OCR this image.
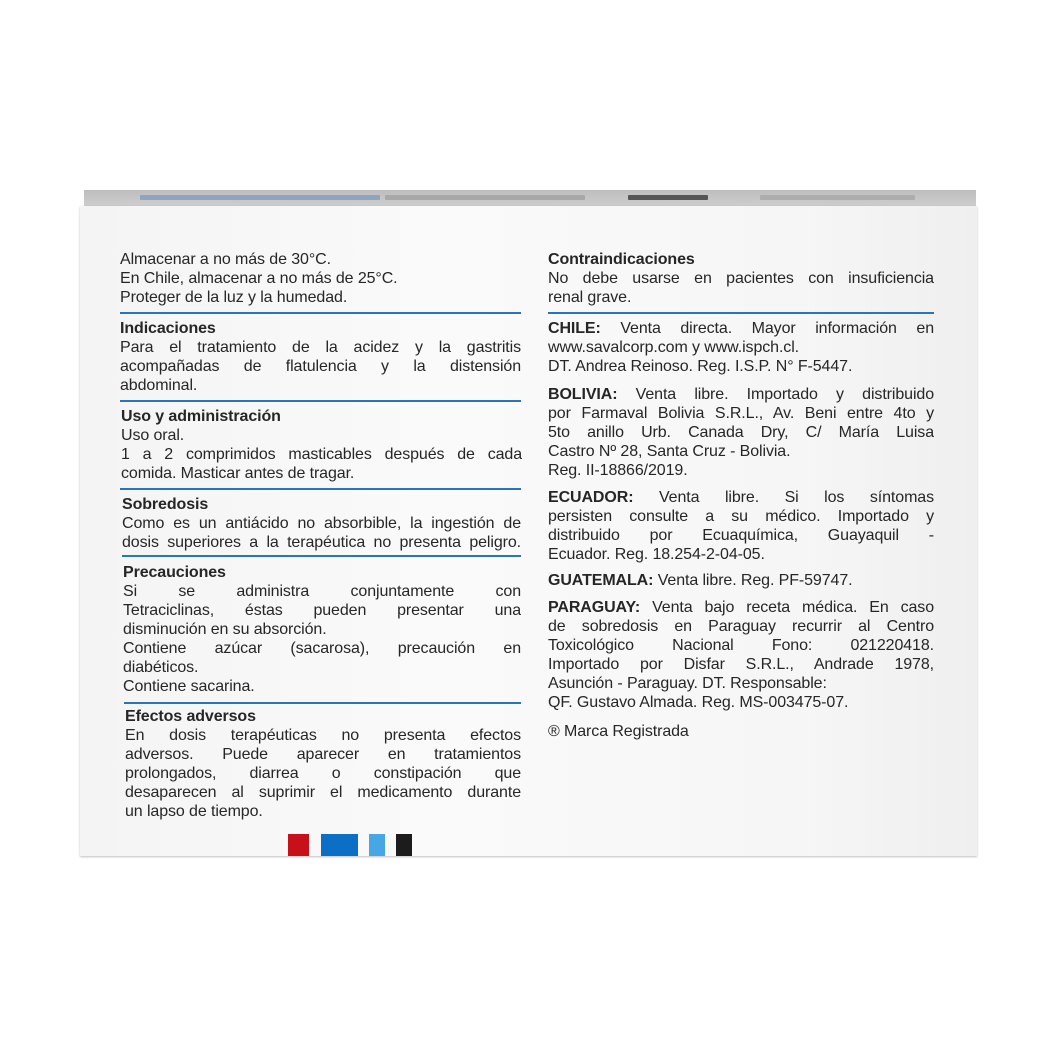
Almacenar a no más de 30°C.
En Chile, almacenar a no más de 25°C.
Proteger de la luz y la humedad.
Indicaciones
Para el tratamiento de la acidez y la gastritis
acompañadas de flatulencia y la distensión
abdominal.
Uso y administración
Uso oral.
1 a 2 comprimidos masticables después de cada
comida. Masticar antes de tragar.
Sobredosis
Como es un antiácido no absorbible, la ingestión de
dosis superiores a la terapéutica no presenta peligro.
Precauciones
Si se administra conjuntamente con
Tetraciclinas, éstas pueden presentar una
disminución en su absorción.
Contiene azúcar (sacarosa), precaución en
diabéticos.
Contiene sacarina.
Efectos adversos
En dosis terapéuticas no presenta efectos
adversos. Puede aparecer en tratamientos
prolongados, diarrea o constipación que
desaparecen al suprimir el medicamento durante
un lapso de tiempo.
Contraindicaciones
No debe usarse en pacientes con insuficiencia
renal grave.
CHILE: Venta directa. Mayor información en
www.savalcorp.com y www.ispch.cl.
DT. Andrea Reinoso. Reg. I.S.P. N° F-5447.
BOLIVIA: Venta libre. Importado y distribuido
por Farmaval Bolivia S.R.L., Av. Beni entre 4to y
5to anillo Urb. Canada Dry, C/ María Luisa
Castro Nº 28, Santa Cruz - Bolivia.
Reg. II-18866/2019.
ECUADOR: Venta libre. Si los síntomas
persisten consulte a su médico. Importado y
distribuido por Ecuaquímica, Guayaquil -
Ecuador. Reg. 18.254-2-04-05.
GUATEMALA: Venta libre. Reg. PF-59747.
PARAGUAY: Venta bajo receta médica. En caso
de sobredosis en Paraguay recurrir al Centro
Toxicológico Nacional Fono: 021220418.
Importado por Disfar S.R.L., Andrade 1978,
Asunción - Paraguay. DT. Responsable:
QF. Gustavo Almada. Reg. MS-003475-07.
® Marca Registrada
